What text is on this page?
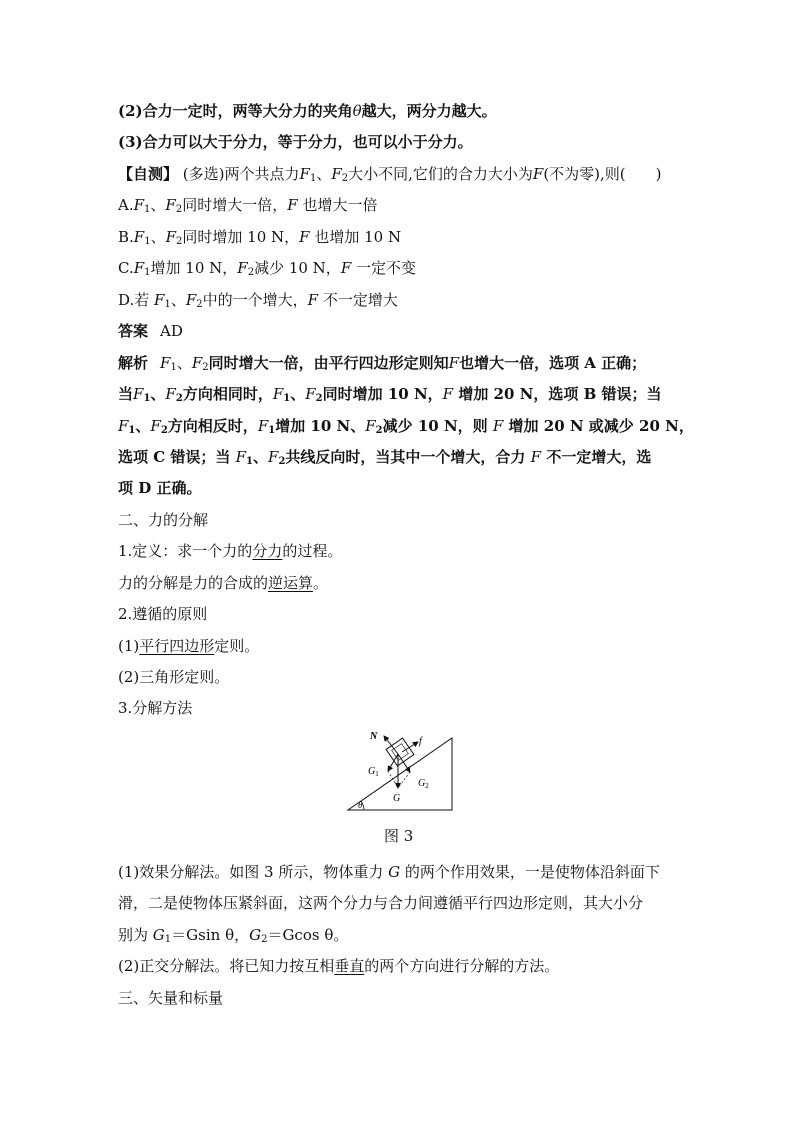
(2)合力一定时，两等大分力的夹角θ越大，两分力越大。
(3)合力可以大于分力，等于分力，也可以小于分力。
【自测】 (多选)两个共点力$F_1$、$F_2$大小不同,它们的合力大小为F(不为零),则(　　)
$A.F_1$、$F_2$同时增大一倍，F 也增大一倍
$B.F_1$、$F_2$同时增加 10 N，F 也增加 10 N
$C.F_1$增加 10 N，$F_2$减少 10 N，F 一定不变
D.若 $F_1$、$F_2$中的一个增大，F 不一定增大
答案 AD
解析 $F_1$、$F_2$同时增大一倍，由平行四边形定则知F也增大一倍，选项 A 正确；
当$F_1$、$F_2$方向相同时，$F_1$、$F_2$同时增加 10 N，F 增加 20 N，选项 B 错误；当
$F_1$、$F_2$方向相反时，$F_1$增加 10 N、$F_2$减少 10 N，则 F 增加 20 N 或减少 20 N，
选项 C 错误；当 $F_1$、$F_2$共线反向时，当其中一个增大，合力 F 不一定增大，选
项 D 正确。
二、力的分解
1.定义：求一个力的分力的过程。
力的分解是力的合成的逆运算。
2.遵循的原则
(1)平行四边形定则。
(2)三角形定则。
3.分解方法
N	f
$G_1$
$G_2$
G
θ
图 3
(1)效果分解法。如图 3 所示，物体重力 G 的两个作用效果，一是使物体沿斜面下
滑，二是使物体压紧斜面，这两个分力与合力间遵循平行四边形定则，其大小分
别为 $G_1=Gsin$ θ，$G_2=Gcos$ θ。
(2)正交分解法。将已知力按互相垂直的两个方向进行分解的方法。
三、矢量和标量
